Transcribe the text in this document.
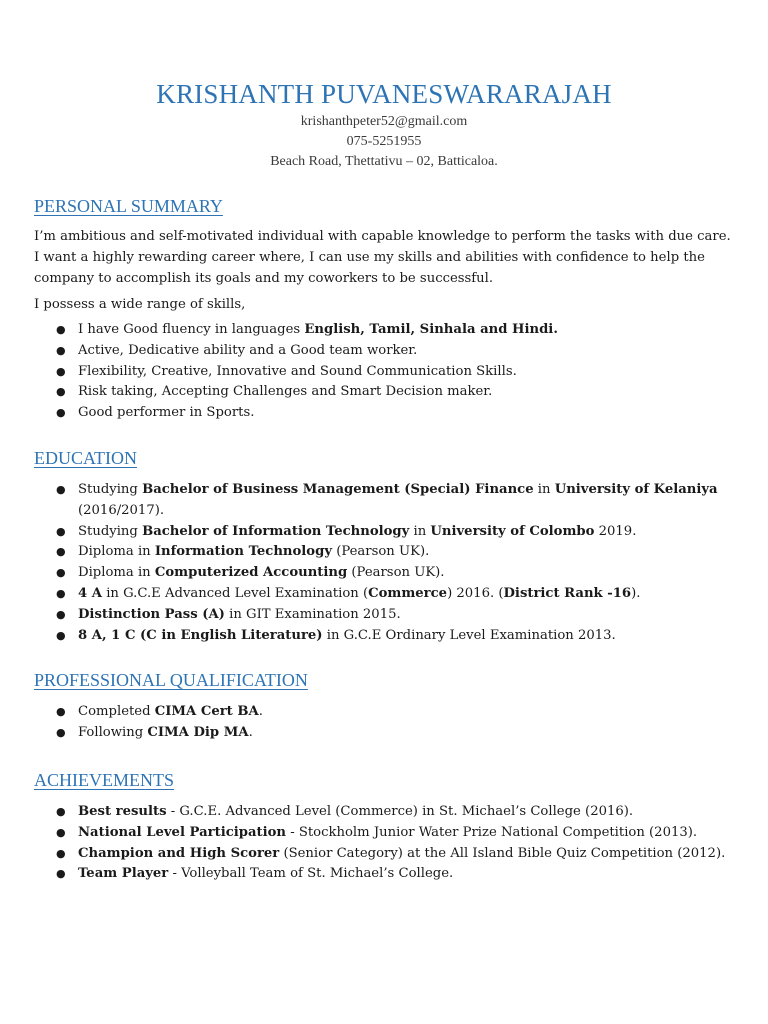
KRISHANTH PUVANESWARARAJAH
krishanthpeter52@gmail.com
075-5251955
Beach Road, Thettativu – 02, Batticaloa.
PERSONAL SUMMARY

I’m ambitious and self-motivated individual with capable knowledge to perform the tasks with due care. I want a highly rewarding career where, I can use my skills and abilities with confidence to help the company to accomplish its goals and my coworkers to be successful.

I possess a wide range of skills,

● I have Good fluency in languages English, Tamil, Sinhala and Hindi.
● Active, Dedicative ability and a Good team worker.
● Flexibility, Creative, Innovative and Sound Communication Skills.
● Risk taking, Accepting Challenges and Smart Decision maker.
● Good performer in Sports.
EDUCATION
● Studying Bachelor of Business Management (Special) Finance in University of Kelaniya (2016/2017).
● Studying Bachelor of Information Technology in University of Colombo 2019.
● Diploma in Information Technology (Pearson UK).
● Diploma in Computerized Accounting (Pearson UK).
● 4 A in G.C.E Advanced Level Examination (Commerce) 2016. (District Rank -16).
● Distinction Pass (A) in GIT Examination 2015.
● 8 A, 1 C (C in English Literature) in G.C.E Ordinary Level Examination 2013.
PROFESSIONAL QUALIFICATION
● Completed CIMA Cert BA.
● Following CIMA Dip MA.
ACHIEVEMENTS
● Best results - G.C.E. Advanced Level (Commerce) in St. Michael’s College (2016).
● National Level Participation - Stockholm Junior Water Prize National Competition (2013).
● Champion and High Scorer (Senior Category) at the All Island Bible Quiz Competition (2012).
● Team Player - Volleyball Team of St. Michael’s College.
